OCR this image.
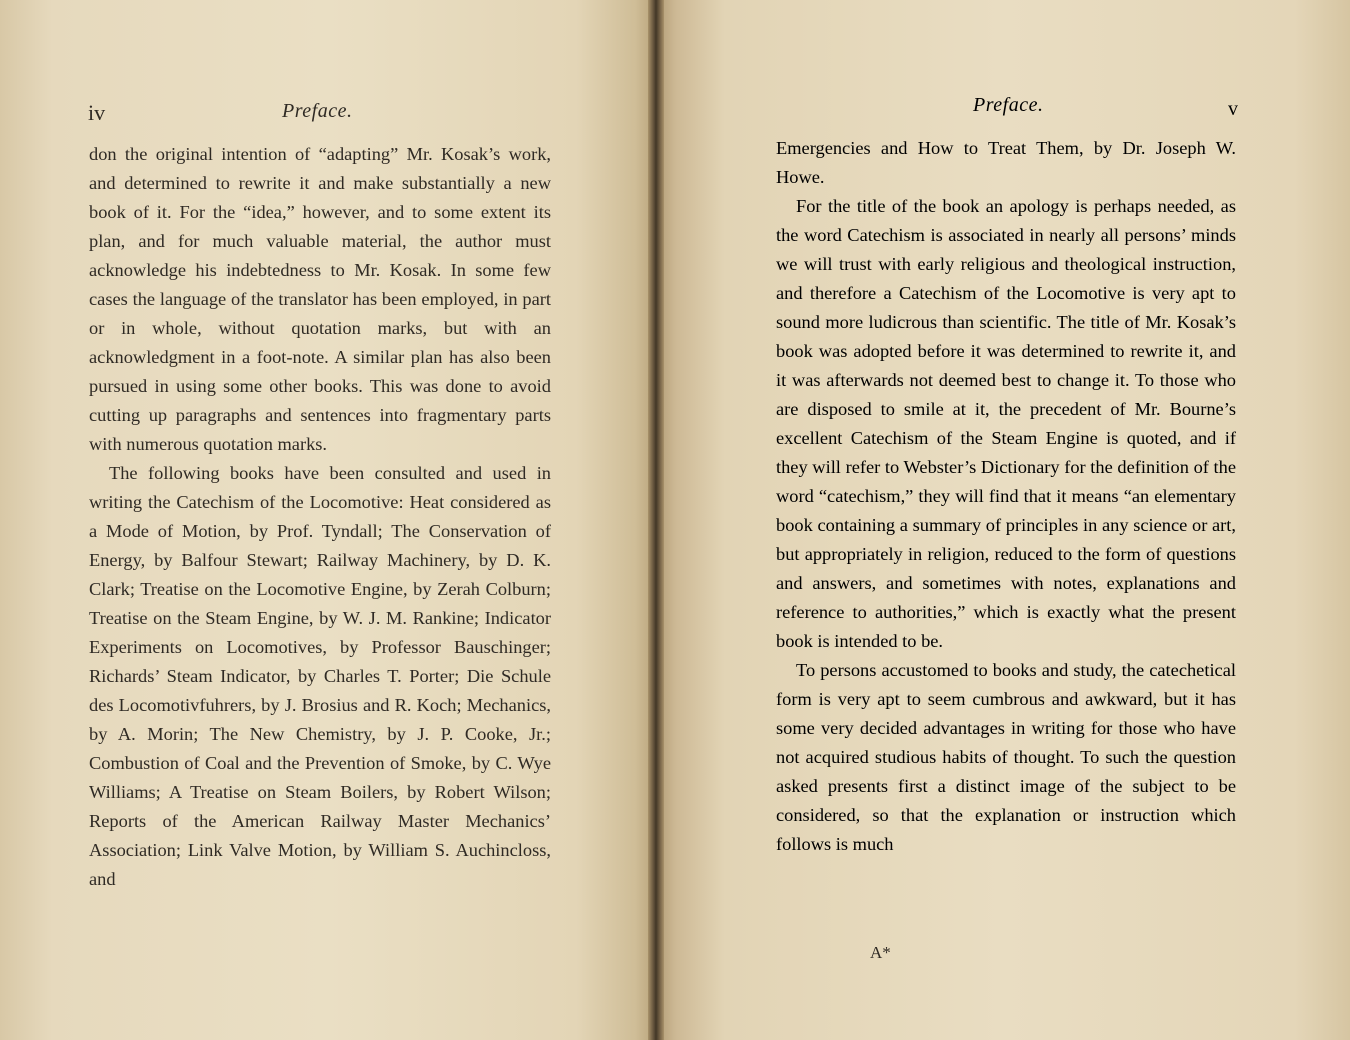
iv	Preface.

don the original intention of “adapting” Mr. Kosak’s work, and determined to rewrite it and make substantially a new book of it. For the “idea,” however, and to some extent its plan, and for much valuable material, the author must acknowledge his indebtedness to Mr. Kosak. In some few cases the language of the translator has been employed, in part or in whole, without quotation marks, but with an acknowledgment in a foot-note. A similar plan has also been pursued in using some other books. This was done to avoid cutting up paragraphs and sentences into fragmentary parts with numerous quotation marks.

The following books have been consulted and used in writing the Catechism of the Locomotive: Heat considered as a Mode of Motion, by Prof. Tyndall; The Conservation of Energy, by Balfour Stewart; Railway Machinery, by D. K. Clark; Treatise on the Locomotive Engine, by Zerah Colburn; Treatise on the Steam Engine, by W. J. M. Rankine; Indicator Experiments on Locomotives, by Professor Bauschinger; Richards’ Steam Indicator, by Charles T. Porter; Die Schule des Locomotivfuhrers, by J. Brosius and R. Koch; Mechanics, by A. Morin; The New Chemistry, by J. P. Cooke, Jr.; Combustion of Coal and the Prevention of Smoke, by C. Wye Williams; A Treatise on Steam Boilers, by Robert Wilson; Reports of the American Railway Master Mechanics’ Association; Link Valve Motion, by William S. Auchincloss, and

Preface.	v

Emergencies and How to Treat Them, by Dr. Joseph W. Howe.

For the title of the book an apology is perhaps needed, as the word Catechism is associated in nearly all persons’ minds we will trust with early religious and theological instruction, and therefore a Catechism of the Locomotive is very apt to sound more ludicrous than scientific. The title of Mr. Kosak’s book was adopted before it was determined to rewrite it, and it was afterwards not deemed best to change it. To those who are disposed to smile at it, the precedent of Mr. Bourne’s excellent Catechism of the Steam Engine is quoted, and if they will refer to Webster’s Dictionary for the definition of the word “catechism,” they will find that it means “an elementary book containing a summary of principles in any science or art, but appropriately in religion, reduced to the form of questions and answers, and sometimes with notes, explanations and reference to authorities,” which is exactly what the present book is intended to be.

To persons accustomed to books and study, the catechetical form is very apt to seem cumbrous and awkward, but it has some very decided advantages in writing for those who have not acquired studious habits of thought. To such the question asked presents first a distinct image of the subject to be considered, so that the explanation or instruction which follows is much

A*
